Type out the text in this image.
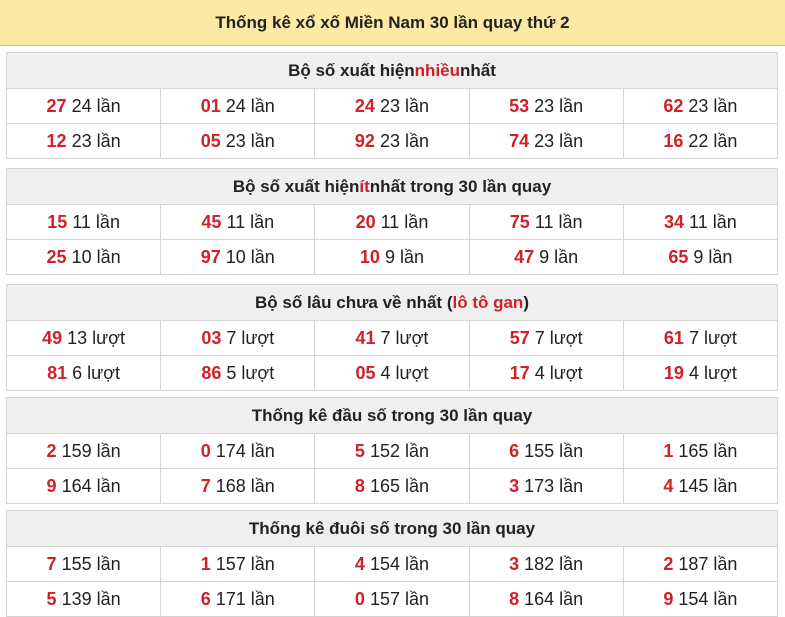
Thống kê xổ xố Miền Nam 30 lần quay thứ 2
Bộ số xuất hiện nhiều nhất
27 24 lần	01 24 lần	24 23 lần	53 23 lần	62 23 lần
12 23 lần	05 23 lần	92 23 lần	74 23 lần	16 22 lần
Bộ số xuất hiện ít nhất trong 30 lần quay
15 11 lần	45 11 lần	20 11 lần	75 11 lần	34 11 lần
25 10 lần	97 10 lần	10 9 lần	47 9 lần	65 9 lần
Bộ số lâu chưa về nhất ( lô tô gan )
49 13 lượt	03 7 lượt	41 7 lượt	57 7 lượt	61 7 lượt
81 6 lượt	86 5 lượt	05 4 lượt	17 4 lượt	19 4 lượt
Thống kê đầu số trong 30 lần quay
2 159 lần	0 174 lần	5 152 lần	6 155 lần	1 165 lần
9 164 lần	7 168 lần	8 165 lần	3 173 lần	4 145 lần
Thống kê đuôi số trong 30 lần quay
7 155 lần	1 157 lần	4 154 lần	3 182 lần	2 187 lần
5 139 lần	6 171 lần	0 157 lần	8 164 lần	9 154 lần
